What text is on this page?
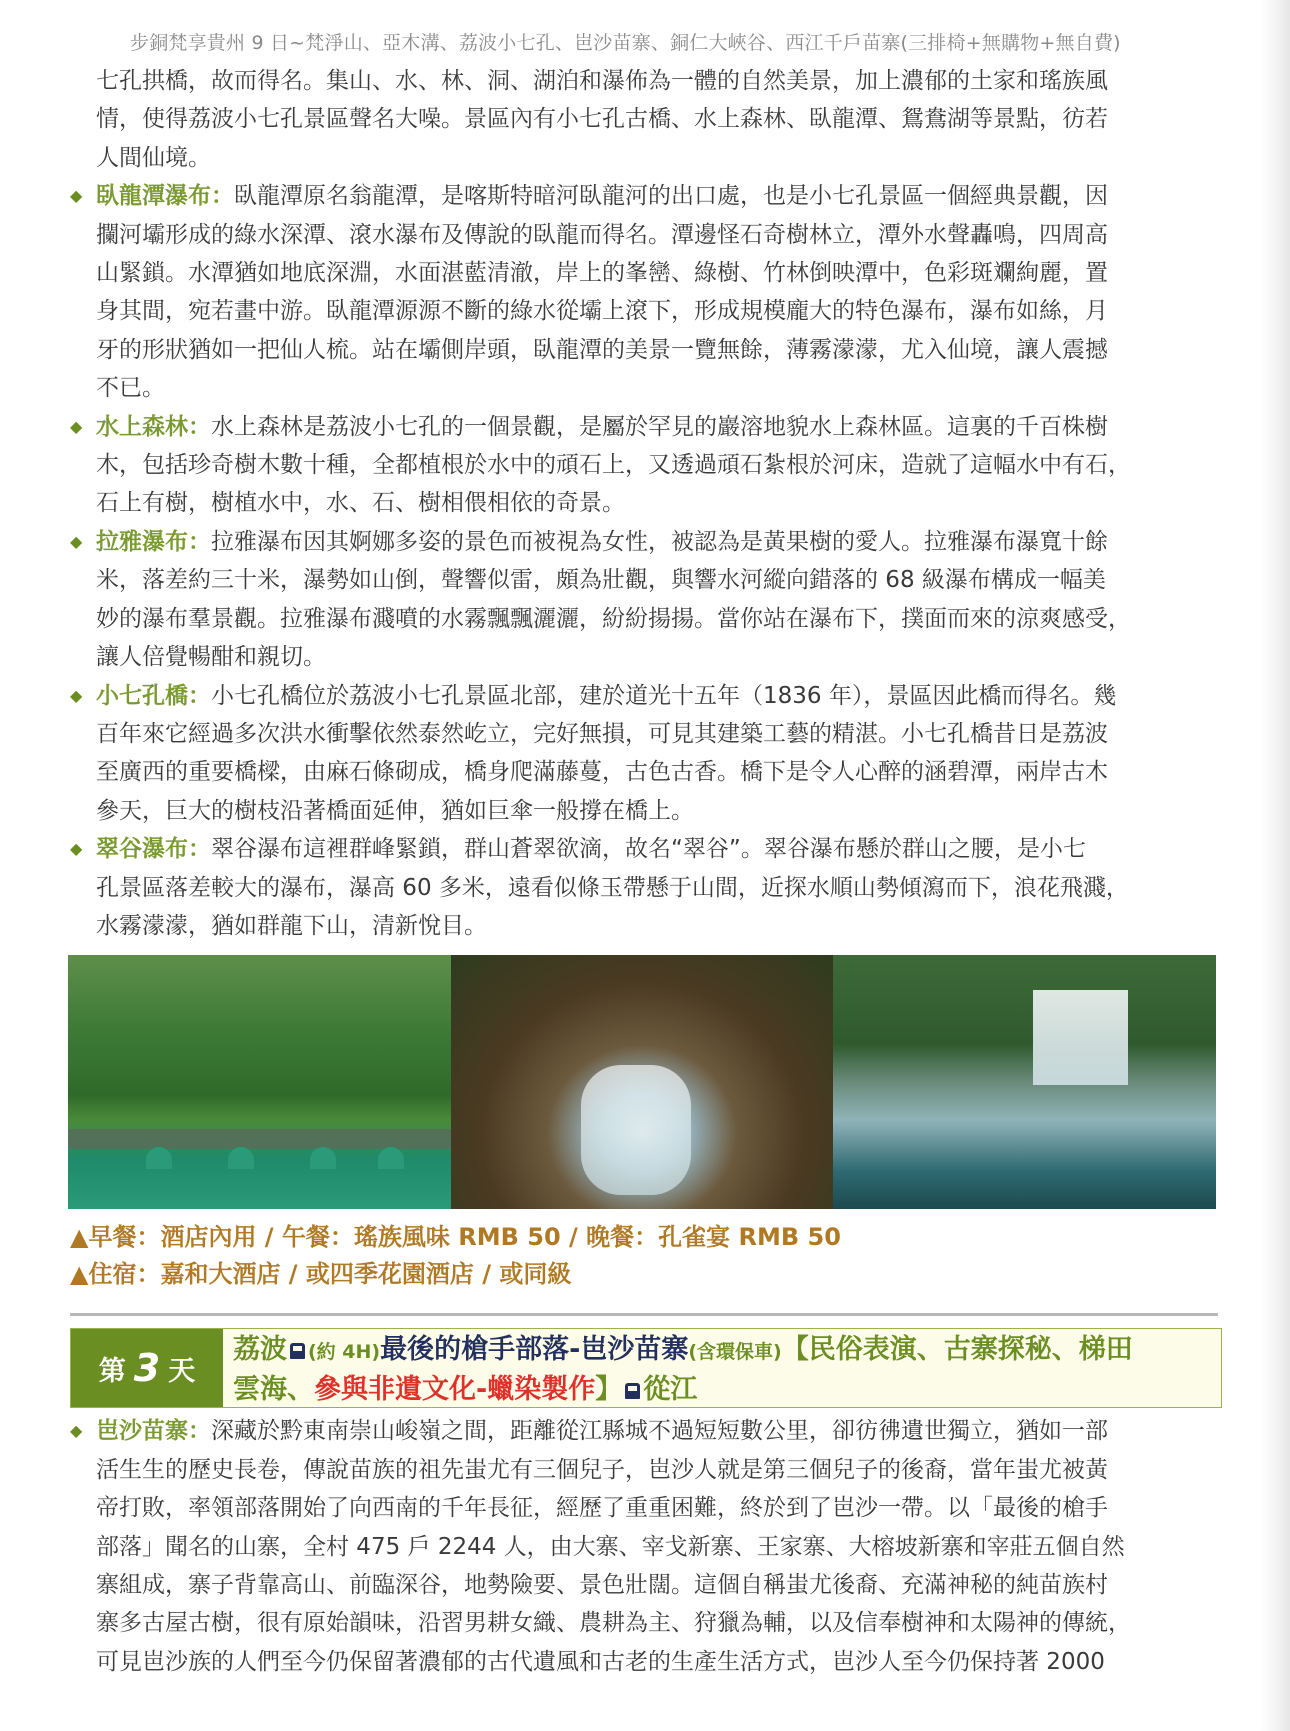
步銅梵享貴州 9 日~梵淨山、亞木溝、荔波小七孔、岜沙苗寨、銅仁大峽谷、西江千戶苗寨(三排椅+無購物+無自費)
七孔拱橋，故而得名。集山、水、林、洞、湖泊和瀑佈為一體的自然美景，加上濃郁的土家和瑤族風
情，使得荔波小七孔景區聲名大噪。景區內有小七孔古橋、水上森林、臥龍潭、鴛鴦湖等景點，彷若
人間仙境。
◆ 臥龍潭瀑布：臥龍潭原名翁龍潭，是喀斯特暗河臥龍河的出口處，也是小七孔景區一個經典景觀，因
攔河壩形成的綠水深潭、滾水瀑布及傳說的臥龍而得名。潭邊怪石奇樹林立，潭外水聲轟鳴，四周高
山緊鎖。水潭猶如地底深淵，水面湛藍清澈，岸上的峯巒、綠樹、竹林倒映潭中，色彩斑斕絢麗，置
身其間，宛若畫中游。臥龍潭源源不斷的綠水從壩上滾下，形成規模龐大的特色瀑布，瀑布如絲，月
牙的形狀猶如一把仙人梳。站在壩側岸頭，臥龍潭的美景一覽無餘，薄霧濛濛，尤入仙境，讓人震撼
不已。
◆ 水上森林：水上森林是荔波小七孔的一個景觀，是屬於罕見的巖溶地貌水上森林區。這裏的千百株樹
木，包括珍奇樹木數十種，全都植根於水中的頑石上，又透過頑石紮根於河床，造就了這幅水中有石，
石上有樹，樹植水中，水、石、樹相偎相依的奇景。
◆ 拉雅瀑布：拉雅瀑布因其婀娜多姿的景色而被視為女性，被認為是黃果樹的愛人。拉雅瀑布瀑寬十餘
米，落差約三十米，瀑勢如山倒，聲響似雷，頗為壯觀，與響水河縱向錯落的 68 級瀑布構成一幅美
妙的瀑布羣景觀。拉雅瀑布濺噴的水霧飄飄灑灑，紛紛揚揚。當你站在瀑布下，撲面而來的涼爽感受，
讓人倍覺暢酣和親切。
◆ 小七孔橋：小七孔橋位於荔波小七孔景區北部，建於道光十五年（1836 年），景區因此橋而得名。幾
百年來它經過多次洪水衝擊依然泰然屹立，完好無損，可見其建築工藝的精湛。小七孔橋昔日是荔波
至廣西的重要橋樑，由麻石條砌成，橋身爬滿藤蔓，古色古香。橋下是令人心醉的涵碧潭，兩岸古木
參天，巨大的樹枝沿著橋面延伸，猶如巨傘一般撐在橋上。
◆ 翠谷瀑布：翠谷瀑布這裡群峰緊鎖，群山蒼翠欲滴，故名“翠谷”。翠谷瀑布懸於群山之腰，是小七
孔景區落差較大的瀑布，瀑高 60 多米，遠看似條玉帶懸于山間，近探水順山勢傾瀉而下，浪花飛濺，
水霧濛濛，猶如群龍下山，清新悅目。
▲早餐：酒店內用 / 午餐：瑤族風味 RMB 50 / 晚餐：孔雀宴 RMB 50
▲住宿：嘉和大酒店 / 或四季花園酒店 / 或同級
第 3 天
荔波 (約 4H)最後的槍手部落-岜沙苗寨(含環保車)【民俗表演、古寨探秘、梯田
雲海、參與非遺文化-蠟染製作】 從江
◆ 岜沙苗寨：深藏於黔東南崇山峻嶺之間，距離從江縣城不過短短數公里，卻彷彿遺世獨立，猶如一部
活生生的歷史長卷，傳說苗族的祖先蚩尤有三個兒子，岜沙人就是第三個兒子的後裔，當年蚩尤被黃
帝打敗，率領部落開始了向西南的千年長征，經歷了重重困難，終於到了岜沙一帶。以「最後的槍手
部落」聞名的山寨，全村 475 戶 2244 人，由大寨、宰戈新寨、王家寨、大榕坡新寨和宰莊五個自然
寨組成，寨子背靠高山、前臨深谷，地勢險要、景色壯闊。這個自稱蚩尤後裔、充滿神秘的純苗族村
寨多古屋古樹，很有原始韻味，沿習男耕女織、農耕為主、狩獵為輔，以及信奉樹神和太陽神的傳統，
可見岜沙族的人們至今仍保留著濃郁的古代遺風和古老的生產生活方式，岜沙人至今仍保持著 2000
